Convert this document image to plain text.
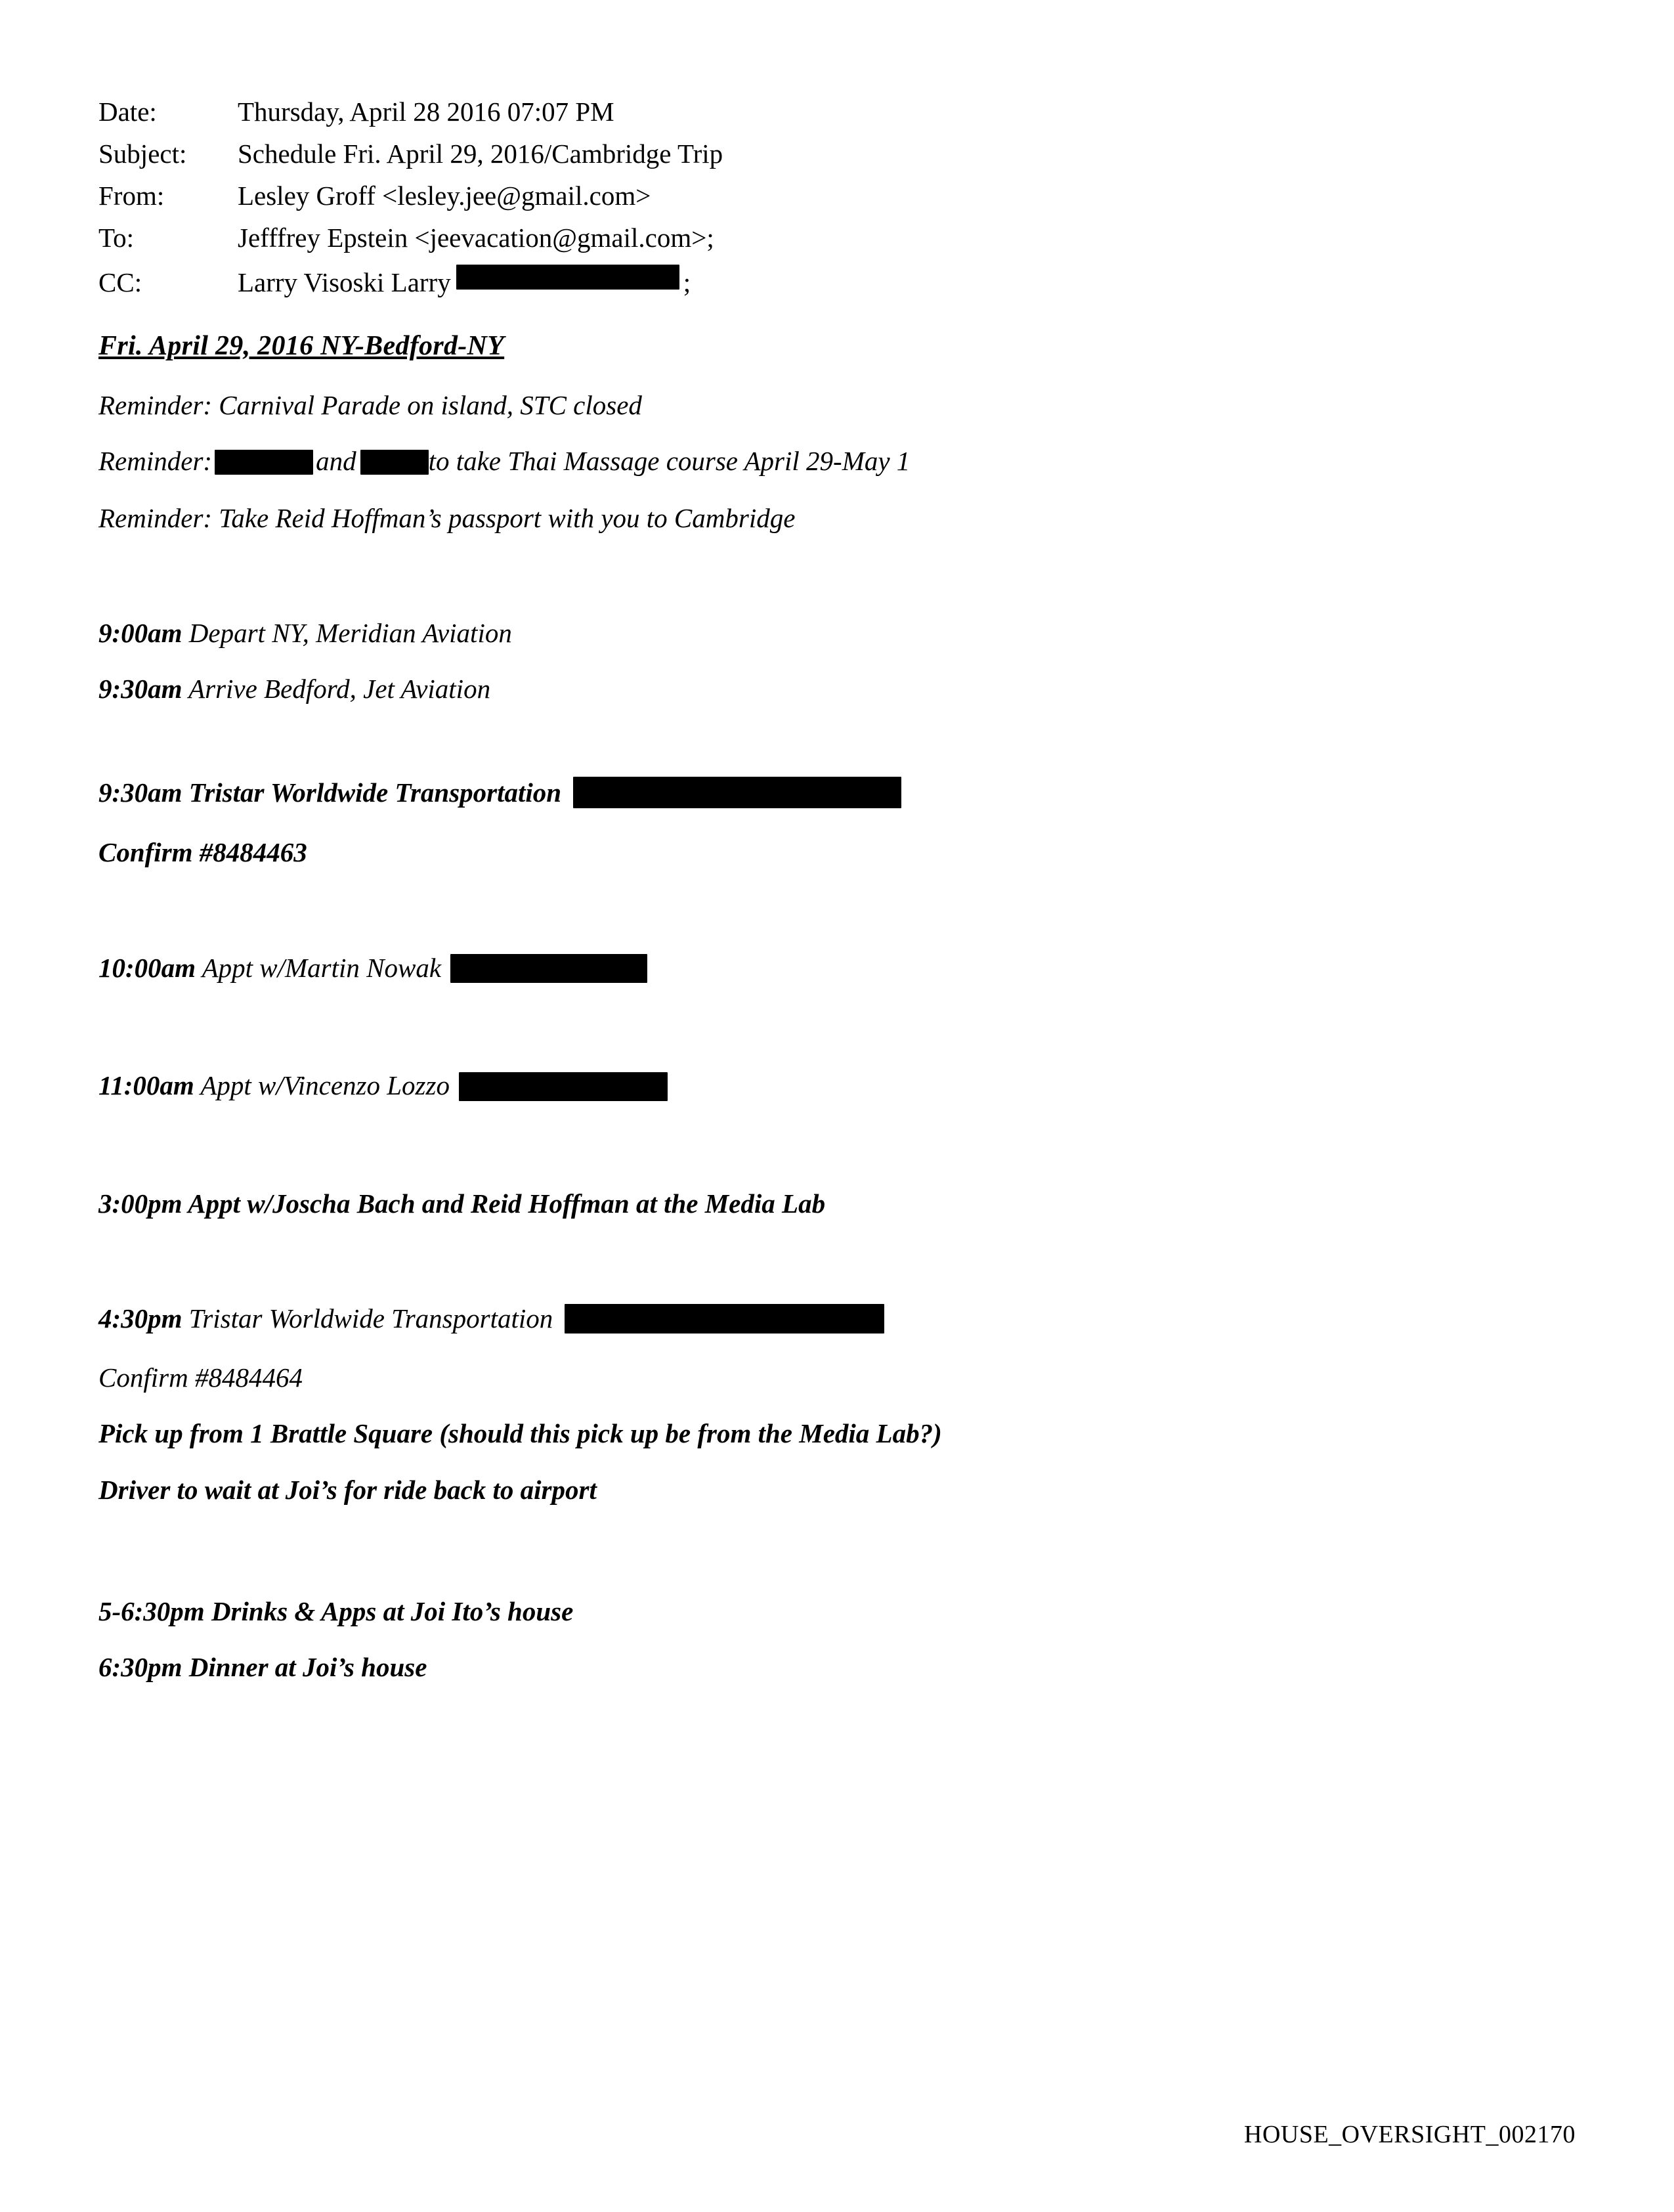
Date:	Thursday, April 28 2016 07:07 PM
Subject:	Schedule Fri. April 29, 2016/Cambridge Trip
From:	Lesley Groff <lesley.jee@gmail.com>
To:	Jefffrey Epstein <jeevacation@gmail.com>;
CC:	Larry Visoski Larry	;
Fri. April 29, 2016 NY-Bedford-NY
Reminder: Carnival Parade on island, STC closed
Reminder:	and	to take Thai Massage course April 29-May 1
Reminder: Take Reid Hoffman’s passport with you to Cambridge
9:00am Depart NY, Meridian Aviation
9:30am Arrive Bedford, Jet Aviation
9:30am Tristar Worldwide Transportation
Confirm #8484463
10:00am Appt w/Martin Nowak
11:00am Appt w/Vincenzo Lozzo
3:00pm Appt w/Joscha Bach and Reid Hoffman at the Media Lab
4:30pm Tristar Worldwide Transportation
Confirm #8484464
Pick up from 1 Brattle Square (should this pick up be from the Media Lab?)
Driver to wait at Joi’s for ride back to airport
5-6:30pm Drinks & Apps at Joi Ito’s house
6:30pm Dinner at Joi’s house
HOUSE_OVERSIGHT_002170
